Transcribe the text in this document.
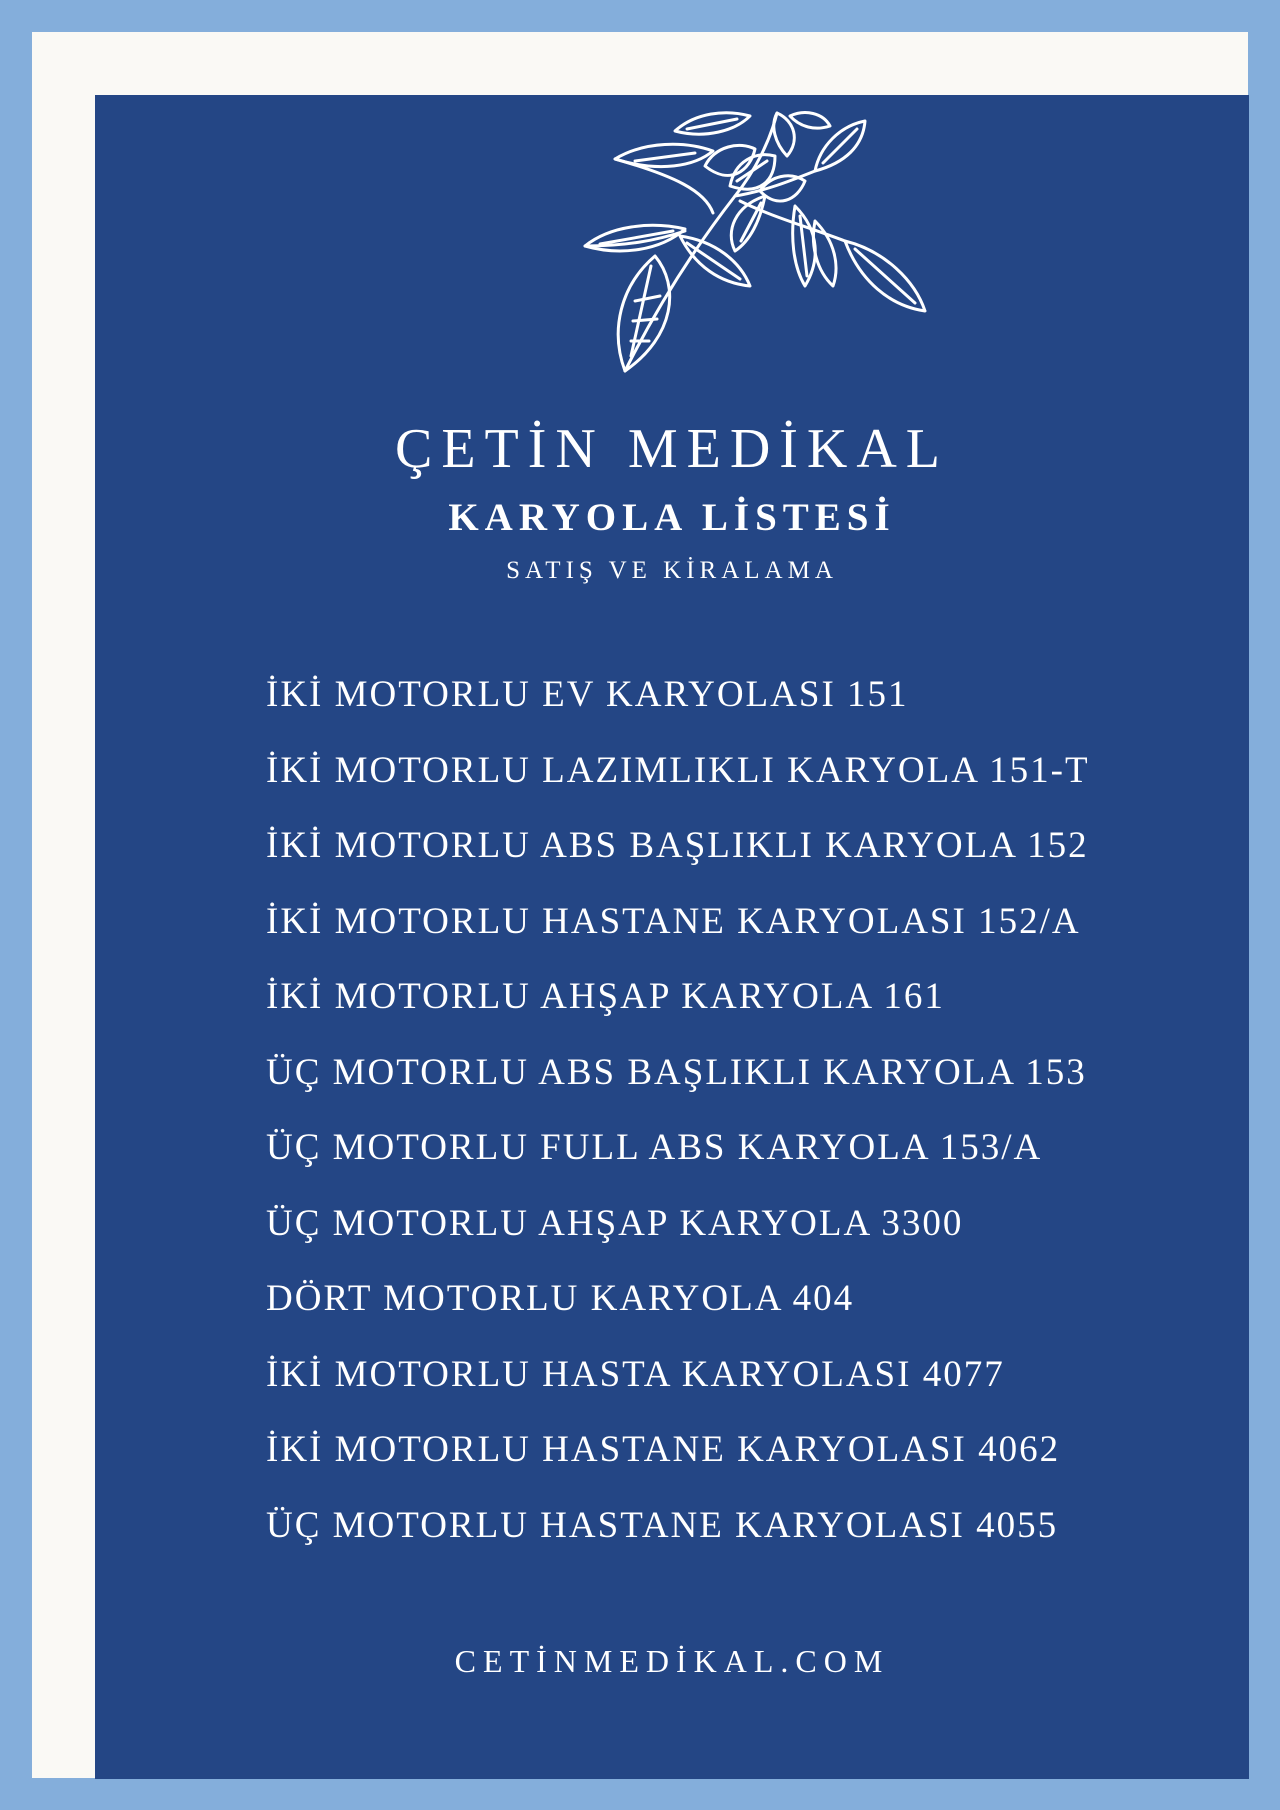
ÇETİN MEDİKAL
KARYOLA LİSTESİ
SATIŞ VE KİRALAMA
İKİ MOTORLU EV KARYOLASI 151
İKİ MOTORLU LAZIMLIKLI KARYOLA 151-T
İKİ MOTORLU ABS BAŞLIKLI KARYOLA 152
İKİ MOTORLU HASTANE KARYOLASI 152/A
İKİ MOTORLU AHŞAP KARYOLA 161
ÜÇ MOTORLU ABS BAŞLIKLI KARYOLA 153
ÜÇ MOTORLU FULL ABS KARYOLA 153/A
ÜÇ MOTORLU AHŞAP KARYOLA 3300
DÖRT MOTORLU KARYOLA 404
İKİ MOTORLU HASTA KARYOLASI 4077
İKİ MOTORLU HASTANE KARYOLASI 4062
ÜÇ MOTORLU HASTANE KARYOLASI 4055
CETİNMEDİKAL.COM
